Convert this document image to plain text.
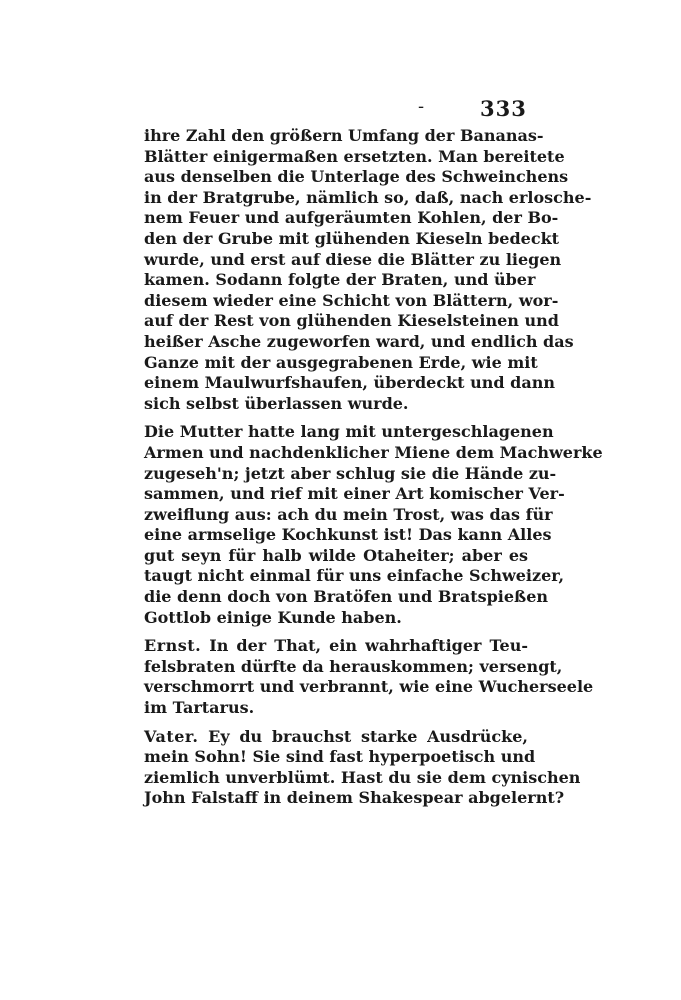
-	333
ihre Zahl den größern Umfang der Bananas-
Blätter einigermaßen ersetzten. Man bereitete
aus denselben die Unterlage des Schweinchens
in der Bratgrube, nämlich so, daß, nach erlosche-
nem Feuer und aufgeräumten Kohlen, der Bo-
den der Grube mit glühenden Kieseln bedeckt
wurde, und erst auf diese die Blätter zu liegen
kamen. Sodann folgte der Braten, und über
diesem wieder eine Schicht von Blättern, wor-
auf der Rest von glühenden Kieselsteinen und
heißer Asche zugeworfen ward, und endlich das
Ganze mit der ausgegrabenen Erde, wie mit
einem Maulwurfshaufen, überdeckt und dann
sich selbst überlassen wurde.
Die Mutter hatte lang mit untergeschlagenen
Armen und nachdenklicher Miene dem Machwerke
zugeseh'n; jetzt aber schlug sie die Hände zu-
sammen, und rief mit einer Art komischer Ver-
zweiflung aus: ach du mein Trost, was das für
eine armselige Kochkunst ist! Das kann Alles
gut seyn für halb wilde Otaheiter; aber es
taugt nicht einmal für uns einfache Schweizer,
die denn doch von Bratöfen und Bratspießen
Gottlob einige Kunde haben.
Ernst. In der That, ein wahrhaftiger Teu-
felsbraten dürfte da herauskommen; versengt,
verschmorrt und verbrannt, wie eine Wucherseele
im Tartarus.
Vater. Ey du brauchst starke Ausdrücke,
mein Sohn! Sie sind fast hyperpoetisch und
ziemlich unverblümt. Hast du sie dem cynischen
John Falstaff in deinem Shakespear abgelernt?
